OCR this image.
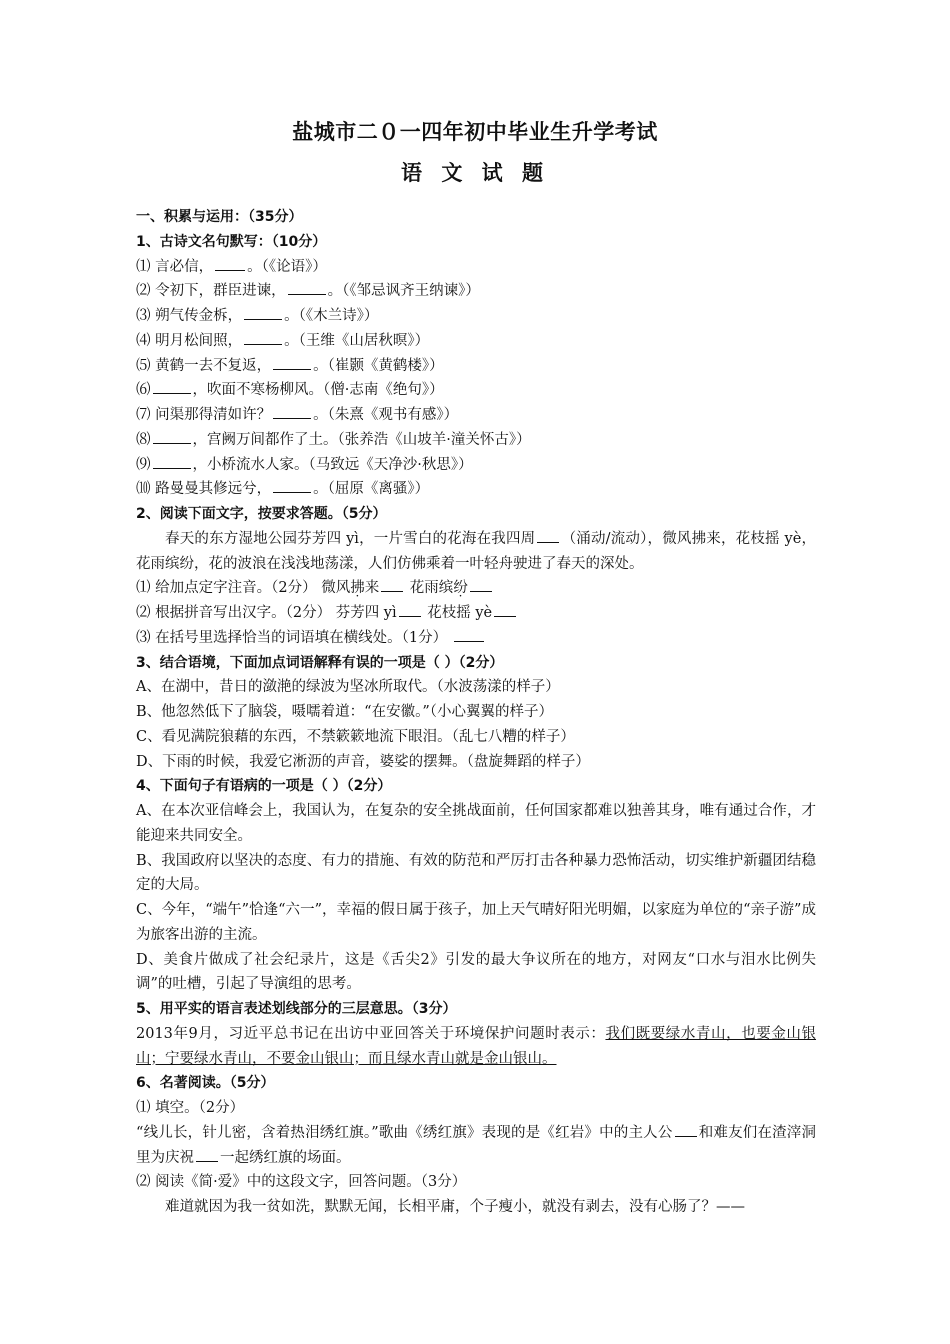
盐城市二０一四年初中毕业生升学考试
语 文 试 题
一、积累与运用：（35分）
1、古诗文名句默写：（10分）
⑴ 言必信， 。（《论语》）
⑵ 令初下，群臣进谏，	。（《邹忌讽齐王纳谏》）
⑶ 朔气传金柝，	。（《木兰诗》）
⑷ 明月松间照，	。（王维《山居秋暝》）
⑸ 黄鹤一去不复返，	。（崔颢《黄鹤楼》）
⑹	，吹面不寒杨柳风。（僧·志南《绝句》）
⑺ 问渠那得清如许？	。（朱熹《观书有感》）
⑻	，宫阙万间都作了土。（张养浩《山坡羊·潼关怀古》）
⑼	，小桥流水人家。（马致远《天净沙·秋思》）
⑽ 路曼曼其修远兮，	。（屈原《离骚》）
2、阅读下面文字，按要求答题。（5分）
春天的东方湿地公园芬芳四 yì，一片雪白的花海在我四周 （涌动/流动），微风拂来，花枝摇 yè，花雨缤纷，花的波浪在浅浅地荡漾，人们仿佛乘着一叶轻舟驶进了春天的深处。
⑴ 给加点定字注音。（2分） 微风拂来 花雨缤纷
⑵ 根据拼音写出汉字。（2分） 芬芳四 yì 花枝摇 yè
⑶ 在括号里选择恰当的词语填在横线处。（1分）
3、结合语境，下面加点词语解释有误的一项是（ ）（2分）
A、在湖中，昔日的潋滟的绿波为坚冰所取代。（水波荡漾的样子）
B、他忽然低下了脑袋，嗫嚅着道：“在安徽。”（小心翼翼的样子）
C、看见满院狼藉的东西，不禁簌簌地流下眼泪。（乱七八糟的样子）
D、下雨的时候，我爱它淅沥的声音，婆娑的摆舞。（盘旋舞蹈的样子）
4、下面句子有语病的一项是（ ）（2分）
A、在本次亚信峰会上，我国认为，在复杂的安全挑战面前，任何国家都难以独善其身，唯有通过合作，才能迎来共同安全。
B、我国政府以坚决的态度、有力的措施、有效的防范和严厉打击各种暴力恐怖活动，切实维护新疆团结稳定的大局。
C、今年，“端午”恰逢“六一”，幸福的假日属于孩子，加上天气晴好阳光明媚，以家庭为单位的“亲子游”成为旅客出游的主流。
D、美食片做成了社会纪录片，这是《舌尖2》引发的最大争议所在的地方，对网友“口水与泪水比例失调”的吐槽，引起了导演组的思考。
5、用平实的语言表述划线部分的三层意思。（3分）
2013年9月，习近平总书记在出访中亚回答关于环境保护问题时表示：我们既要绿水青山，也要金山银山；宁要绿水青山，不要金山银山；而且绿水青山就是金山银山。
6、名著阅读。（5分）
⑴ 填空。（2分）
“线儿长，针儿密，含着热泪绣红旗。”歌曲《绣红旗》表现的是《红岩》中的主人公 和难友们在渣滓洞里为庆祝 一起绣红旗的场面。
⑵ 阅读《简·爱》中的这段文字，回答问题。（3分）
难道就因为我一贫如洗，默默无闻，长相平庸，个子瘦小，就没有剥去，没有心肠了？——
